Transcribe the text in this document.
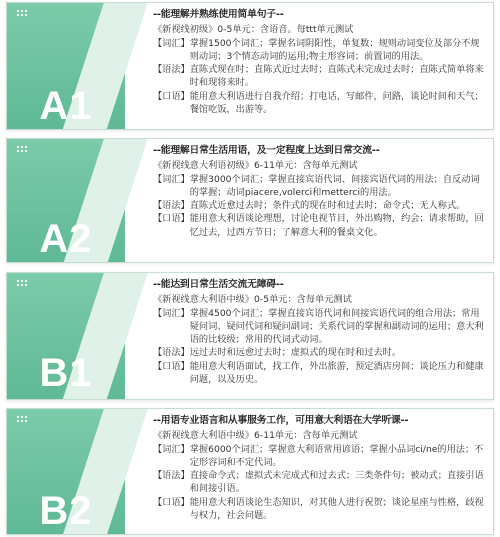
A1
--能理解并熟练使用简单句子--
《新视线初级》0-5单元：含语音。每ttt单元测试
【词汇】 掌握1500个词汇；掌握名词阴阳性，单复数；规则动词变位及部分不规则动词；3个情态动词的运用;物主形容词；前置词的用法。
【语法】 直陈式现在时；直陈式近过去时；直陈式未完成过去时；直陈式简单将来时和现将来时。
【口语】 能用意大利语进行自我介绍；打电话，写邮件，问路，谈论时间和天气；餐馆吃饭，出游等。
A2
--能理解日常生活用语，及一定程度上达到日常交流--
《新视线意大利语初级》6-11单元：含每单元测试
【词汇】 掌握3000个词汇；掌握直接宾语代词、间接宾语代词的用法；自反动词的掌握；动词piacere,volerci和metterci的用法。
【语法】 直陈式近愈过去时；条件式的现在时和过去时；命令式；无人称式。
【口语】 能用意大利语谈论理想，讨论电视节目，外出购物，约会；请求帮助，回忆过去，过西方节日；了解意大利的餐桌文化。
B1
--能达到日常生活交流无障碍--
《新视线意大利语中级》0-5单元：含每单元测试
【词汇】 掌握4500个词汇；掌握直接宾语代词和间接宾语代词的组合用法；常用疑问词、疑问代词和疑问副词；关系代词的掌握和副动词的运用；意大利语的比较级；常用的代词式动词。
【语法】 远过去时和远愈过去时；虚拟式的现在时和过去时。
【口语】 能用意大利语面试，找工作，外出旅游，预定酒店房间；谈论压力和健康问题，以及历史。
B2
--用语专业语言和从事服务工作，可用意大利语在大学听课--
《新视线意大利语中级》6-11单元：含每单元测试
【词汇】 掌握6000个词汇；掌握意大利语常用谚语；掌握小品词ci/ne的用法；不定形容词和不定代词。
【语法】 直接命令式；虚拟式未完成式和过去式；三类条件句；被动式；直接引语和间接引语。
【口语】 能用意大利语谈论生态知识，对其他人进行祝贺；谈论星座与性格，歧视与权力，社会问题。
